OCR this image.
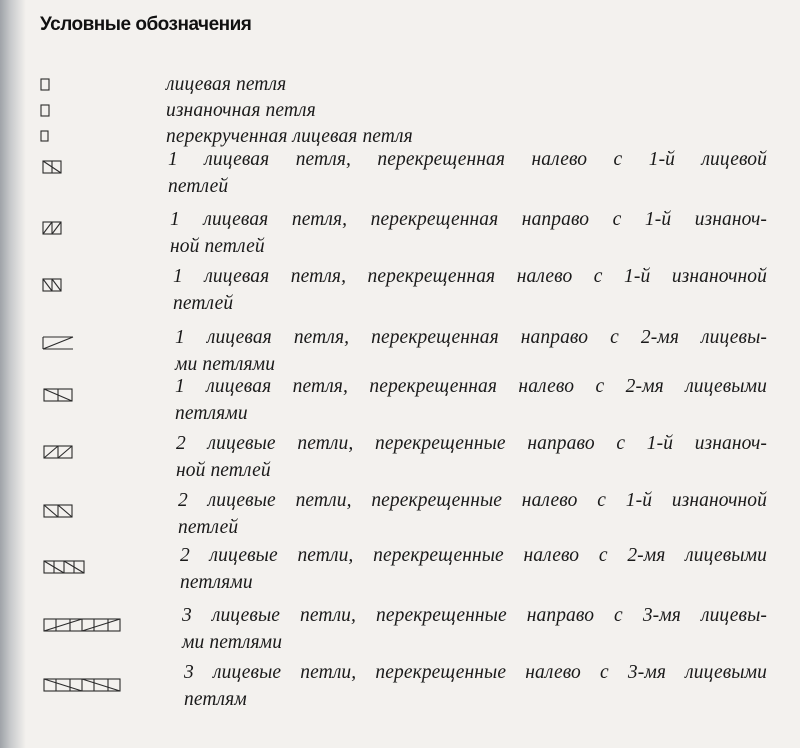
Условные обозначения
лицевая петля
изнаночная петля
перекрученная лицевая петля
1 лицевая петля, перекрещенная налево с 1-й лицевой
петлей
1 лицевая петля, перекрещенная направо с 1-й изнаноч-
ной петлей
1 лицевая петля, перекрещенная налево с 1-й изнаночной
петлей
1 лицевая петля, перекрещенная направо с 2-мя лицевы-
ми петлями
1 лицевая петля, перекрещенная налево с 2-мя лицевыми
петлями
2 лицевые петли, перекрещенные направо с 1-й изнаноч-
ной петлей
2 лицевые петли, перекрещенные налево с 1-й изнаночной
петлей
2 лицевые петли, перекрещенные налево с 2-мя лицевыми
петлями
3 лицевые петли, перекрещенные направо с 3-мя лицевы-
ми петлями
3 лицевые петли, перекрещенные налево с 3-мя лицевыми
петлям
